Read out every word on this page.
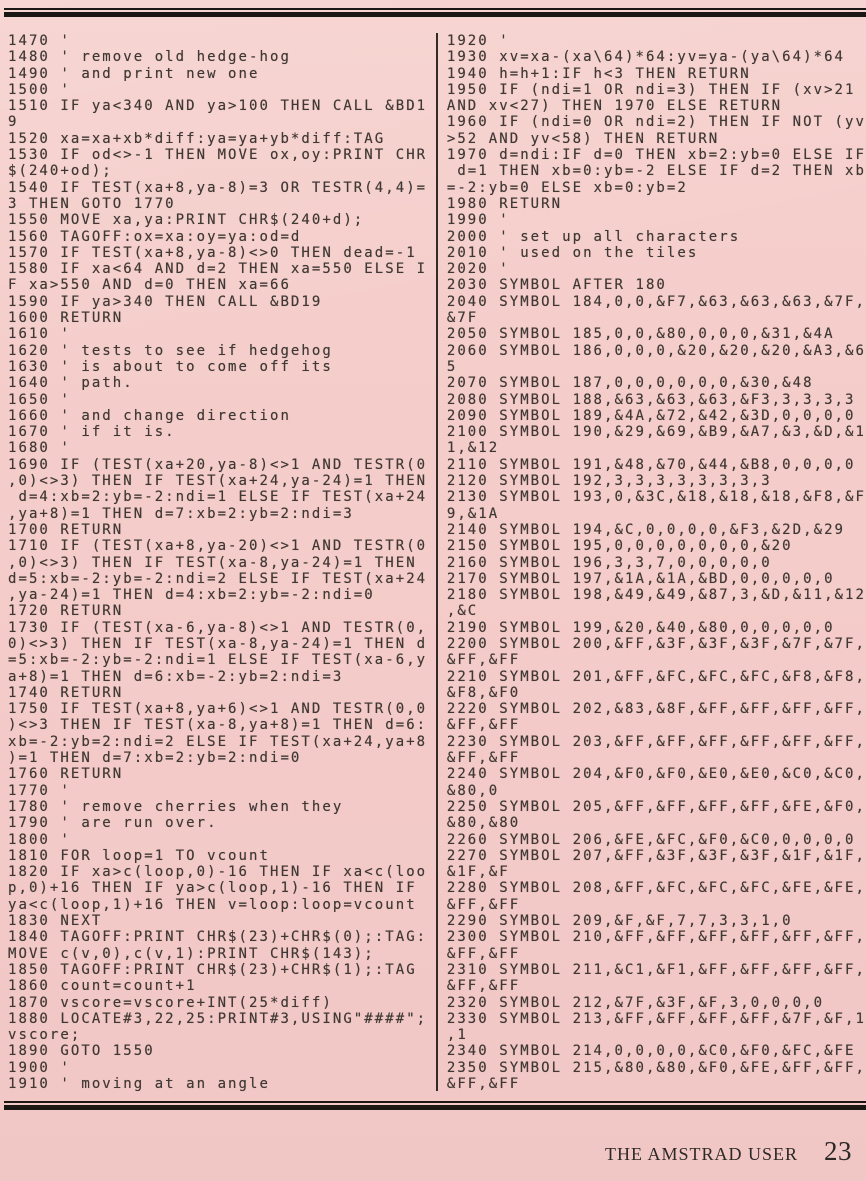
1470 '
1480 ' remove old hedge-hog
1490 ' and print new one
1500 '
1510 IF ya<340 AND ya>100 THEN CALL &BD1
9
1520 xa=xa+xb*diff:ya=ya+yb*diff:TAG
1530 IF od<>-1 THEN MOVE ox,oy:PRINT CHR
$(240+od);
1540 IF TEST(xa+8,ya-8)=3 OR TESTR(4,4)=
3 THEN GOTO 1770
1550 MOVE xa,ya:PRINT CHR$(240+d);
1560 TAGOFF:ox=xa:oy=ya:od=d
1570 IF TEST(xa+8,ya-8)<>0 THEN dead=-1
1580 IF xa<64 AND d=2 THEN xa=550 ELSE I
F xa>550 AND d=0 THEN xa=66
1590 IF ya>340 THEN CALL &BD19
1600 RETURN
1610 '
1620 ' tests to see if hedgehog
1630 ' is about to come off its
1640 ' path.
1650 '
1660 ' and change direction
1670 ' if it is.
1680 '
1690 IF (TEST(xa+20,ya-8)<>1 AND TESTR(0
,0)<>3) THEN IF TEST(xa+24,ya-24)=1 THEN
d=4:xb=2:yb=-2:ndi=1 ELSE IF TEST(xa+24
,ya+8)=1 THEN d=7:xb=2:yb=2:ndi=3
1700 RETURN
1710 IF (TEST(xa+8,ya-20)<>1 AND TESTR(0
,0)<>3) THEN IF TEST(xa-8,ya-24)=1 THEN
d=5:xb=-2:yb=-2:ndi=2 ELSE IF TEST(xa+24
,ya-24)=1 THEN d=4:xb=2:yb=-2:ndi=0
1720 RETURN
1730 IF (TEST(xa-6,ya-8)<>1 AND TESTR(0,
0)<>3) THEN IF TEST(xa-8,ya-24)=1 THEN d
=5:xb=-2:yb=-2:ndi=1 ELSE IF TEST(xa-6,y
a+8)=1 THEN d=6:xb=-2:yb=2:ndi=3
1740 RETURN
1750 IF TEST(xa+8,ya+6)<>1 AND TESTR(0,0
)<>3 THEN IF TEST(xa-8,ya+8)=1 THEN d=6:
xb=-2:yb=2:ndi=2 ELSE IF TEST(xa+24,ya+8
)=1 THEN d=7:xb=2:yb=2:ndi=0
1760 RETURN
1770 '
1780 ' remove cherries when they
1790 ' are run over.
1800 '
1810 FOR loop=1 TO vcount
1820 IF xa>c(loop,0)-16 THEN IF xa<c(loo
p,0)+16 THEN IF ya>c(loop,1)-16 THEN IF
ya<c(loop,1)+16 THEN v=loop:loop=vcount
1830 NEXT
1840 TAGOFF:PRINT CHR$(23)+CHR$(0);:TAG:
MOVE c(v,0),c(v,1):PRINT CHR$(143);
1850 TAGOFF:PRINT CHR$(23)+CHR$(1);:TAG
1860 count=count+1
1870 vscore=vscore+INT(25*diff)
1880 LOCATE#3,22,25:PRINT#3,USING"####";
vscore;
1890 GOTO 1550
1900 '
1910 ' moving at an angle
1920 '
1930 xv=xa-(xa\64)*64:yv=ya-(ya\64)*64
1940 h=h+1:IF h<3 THEN RETURN
1950 IF (ndi=1 OR ndi=3) THEN IF (xv>21
AND xv<27) THEN 1970 ELSE RETURN
1960 IF (ndi=0 OR ndi=2) THEN IF NOT (yv
>52 AND yv<58) THEN RETURN
1970 d=ndi:IF d=0 THEN xb=2:yb=0 ELSE IF
d=1 THEN xb=0:yb=-2 ELSE IF d=2 THEN xb
=-2:yb=0 ELSE xb=0:yb=2
1980 RETURN
1990 '
2000 ' set up all characters
2010 ' used on the tiles
2020 '
2030 SYMBOL AFTER 180
2040 SYMBOL 184,0,0,&F7,&63,&63,&63,&7F,
&7F
2050 SYMBOL 185,0,0,&80,0,0,0,&31,&4A
2060 SYMBOL 186,0,0,0,&20,&20,&20,&A3,&6
5
2070 SYMBOL 187,0,0,0,0,0,0,&30,&48
2080 SYMBOL 188,&63,&63,&63,&F3,3,3,3,3
2090 SYMBOL 189,&4A,&72,&42,&3D,0,0,0,0
2100 SYMBOL 190,&29,&69,&B9,&A7,&3,&D,&1
1,&12
2110 SYMBOL 191,&48,&70,&44,&B8,0,0,0,0
2120 SYMBOL 192,3,3,3,3,3,3,3,3
2130 SYMBOL 193,0,&3C,&18,&18,&18,&F8,&F
9,&1A
2140 SYMBOL 194,&C,0,0,0,0,&F3,&2D,&29
2150 SYMBOL 195,0,0,0,0,0,0,0,&20
2160 SYMBOL 196,3,3,7,0,0,0,0,0
2170 SYMBOL 197,&1A,&1A,&BD,0,0,0,0,0
2180 SYMBOL 198,&49,&49,&87,3,&D,&11,&12
,&C
2190 SYMBOL 199,&20,&40,&80,0,0,0,0,0
2200 SYMBOL 200,&FF,&3F,&3F,&3F,&7F,&7F,
&FF,&FF
2210 SYMBOL 201,&FF,&FC,&FC,&FC,&F8,&F8,
&F8,&F0
2220 SYMBOL 202,&83,&8F,&FF,&FF,&FF,&FF,
&FF,&FF
2230 SYMBOL 203,&FF,&FF,&FF,&FF,&FF,&FF,
&FF,&FF
2240 SYMBOL 204,&F0,&F0,&E0,&E0,&C0,&C0,
&80,0
2250 SYMBOL 205,&FF,&FF,&FF,&FF,&FE,&F0,
&80,&80
2260 SYMBOL 206,&FE,&FC,&F0,&C0,0,0,0,0
2270 SYMBOL 207,&FF,&3F,&3F,&3F,&1F,&1F,
&1F,&F
2280 SYMBOL 208,&FF,&FC,&FC,&FC,&FE,&FE,
&FF,&FF
2290 SYMBOL 209,&F,&F,7,7,3,3,1,0
2300 SYMBOL 210,&FF,&FF,&FF,&FF,&FF,&FF,
&FF,&FF
2310 SYMBOL 211,&C1,&F1,&FF,&FF,&FF,&FF,
&FF,&FF
2320 SYMBOL 212,&7F,&3F,&F,3,0,0,0,0
2330 SYMBOL 213,&FF,&FF,&FF,&FF,&7F,&F,1
,1
2340 SYMBOL 214,0,0,0,0,&C0,&F0,&FC,&FE
2350 SYMBOL 215,&80,&80,&F0,&FE,&FF,&FF,
&FF,&FF
THE AMSTRAD USER 23
